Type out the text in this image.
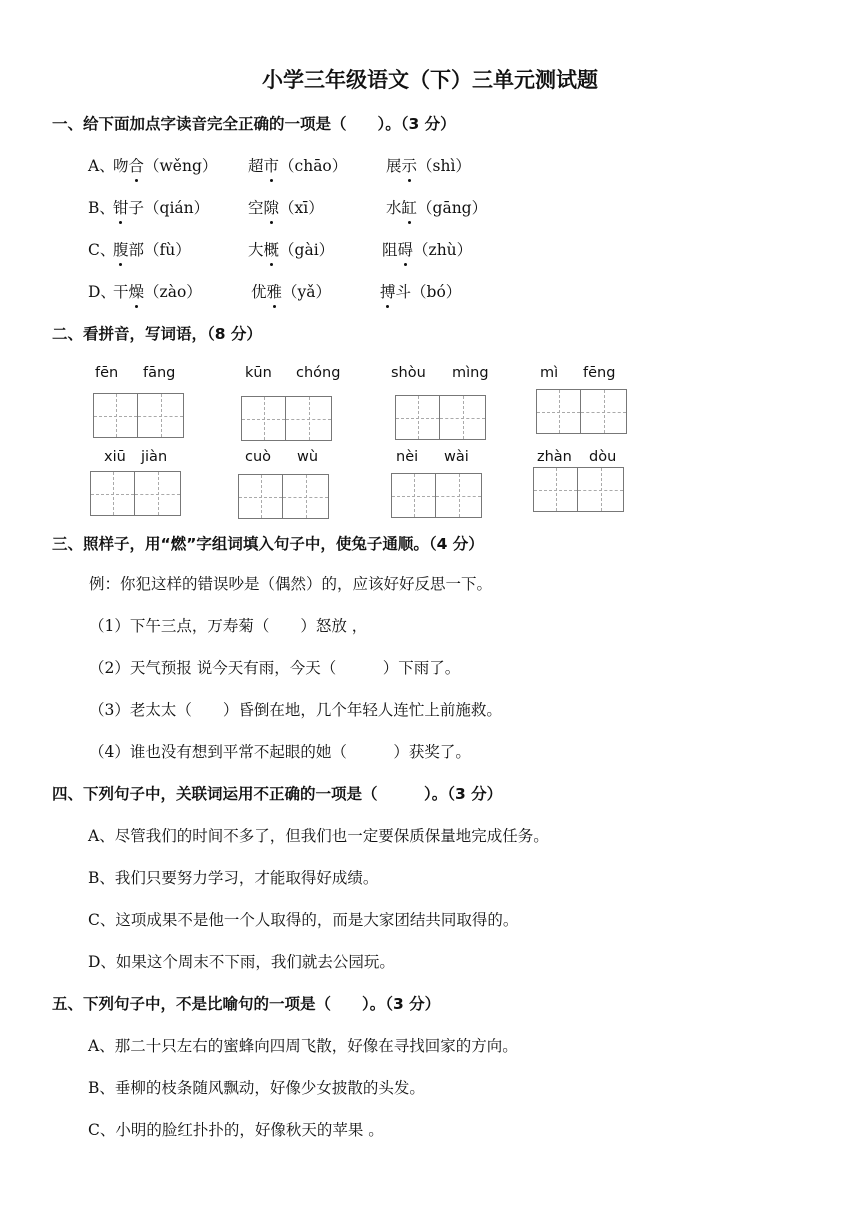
小学三年级语文（下）三单元测试题
一、给下面加点字读音完全正确的一项是（　　）。（3 分）
A、
吻合（wěng） 超市（chāo） 展示（shì）
B、
钳子（qián）	空隙（xī）	水缸（gāng）
C、
腹部（fù）	大概（gài）	阻碍（zhù）
D、
干燥（zào）	优雅（yǎ）	搏斗（bó）
二、看拼音，写词语，（8 分）
fēn fāng	kūn chóng	shòu mìng	mì fēng
xiū jiàn	cuò wù	nèi wài	zhàn dòu
三、照样子，用“燃”字组词填入句子中，使兔子通顺。（4 分）
例：你犯这样的错误吵是（偶然）的，应该好好反思一下。
（1）下午三点，万寿菊（　　）怒放 ，
（2）天气预报 说今天有雨，今天（　　　）下雨了。
（3）老太太（　　）昏倒在地，几个年轻人连忙上前施救。
（4）谁也没有想到平常不起眼的她（　　　）获奖了。
四、下列句子中，关联词运用不正确的一项是（　　　）。（3 分）
A、尽管我们的时间不多了，但我们也一定要保质保量地完成任务。
B、我们只要努力学习，才能取得好成绩。
C、这项成果不是他一个人取得的，而是大家团结共同取得的。
D、如果这个周末不下雨，我们就去公园玩。
五、下列句子中，不是比喻句的一项是（　　）。（3 分）
A、那二十只左右的蜜蜂向四周飞散，好像在寻找回家的方向。
B、垂柳的枝条随风飘动，好像少女披散的头发。
C、小明的脸红扑扑的，好像秋天的苹果 。
